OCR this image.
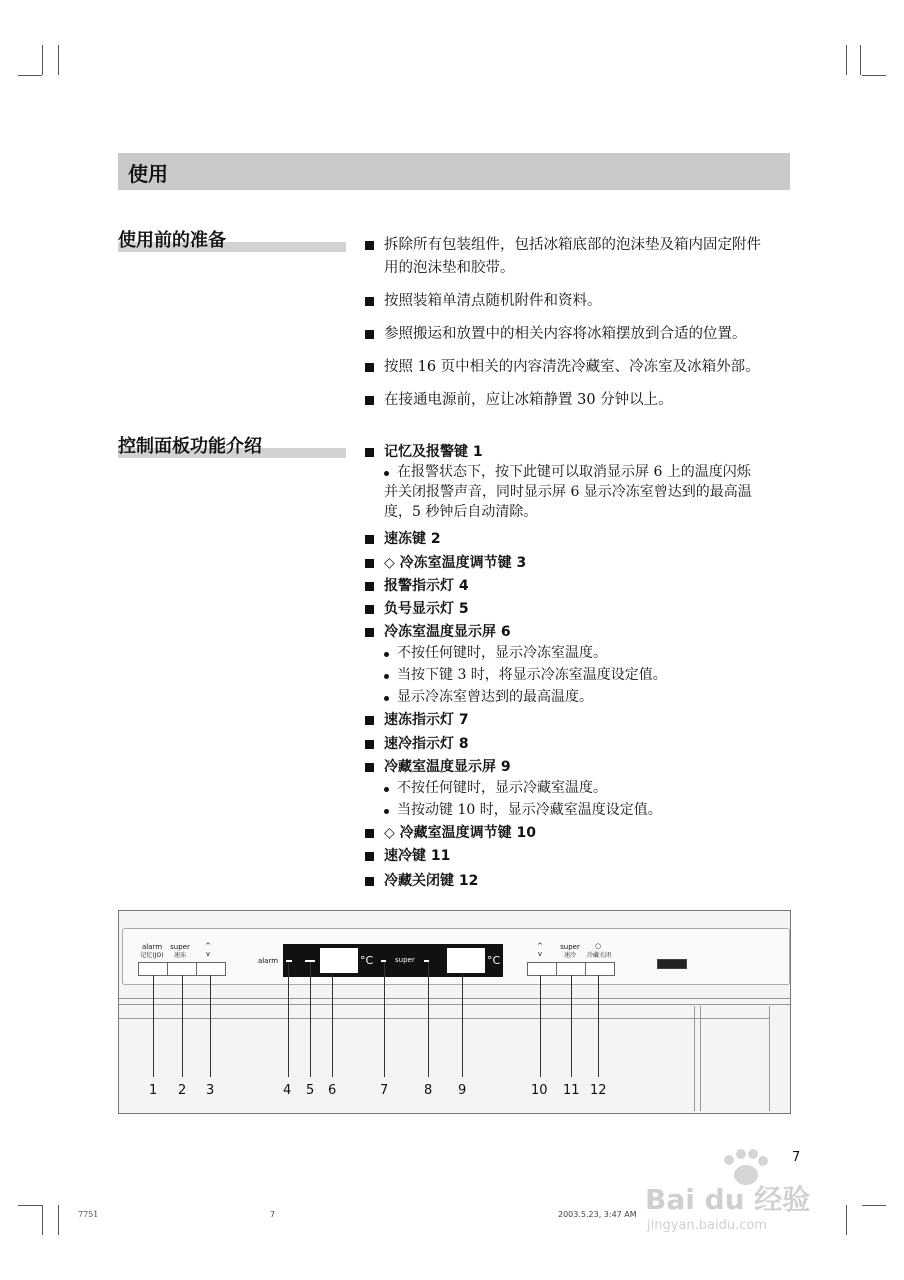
使用
使用前的准备	拆除所有包装组件，包括冰箱底部的泡沫垫及箱内固定附件
用的泡沫垫和胶带。
按照装箱单清点随机附件和资料。
参照搬运和放置中的相关内容将冰箱摆放到合适的位置。
按照 16 页中相关的内容清洗冷藏室、冷冻室及冰箱外部。
在接通电源前，应让冰箱静置 30 分钟以上。
控制面板功能介绍	记忆及报警键 1
在报警状态下，按下此键可以取消显示屏 6 上的温度闪烁
并关闭报警声音，同时显示屏 6 显示冷冻室曾达到的最高温
度，5 秒钟后自动清除。
速冻键 2
◇ 冷冻室温度调节键 3
报警指示灯 4
负号显示灯 5
冷冻室温度显示屏 6
不按任何键时，显示冷冻室温度。
当按下键 3 时，将显示冷冻室温度设定值。
显示冷冻室曾达到的最高温度。
速冻指示灯 7
速冷指示灯 8
冷藏室温度显示屏 9
不按任何键时，显示冷藏室温度。
当按动键 10 时，显示冷藏室温度设定值。
◇ 冷藏室温度调节键 10
速冷键 11
冷藏关闭键 12
alarm
记忆(JO)
super
速冻
^
v
alarm	°C	super	°C
^
v
super
速冷
○
冷藏关闭
1 2 3	4 5 6	7	8 9	10 11 12
7
7751	7	2003.5.23, 3:47 AM Bai du 经验
jingyan.baidu.com
